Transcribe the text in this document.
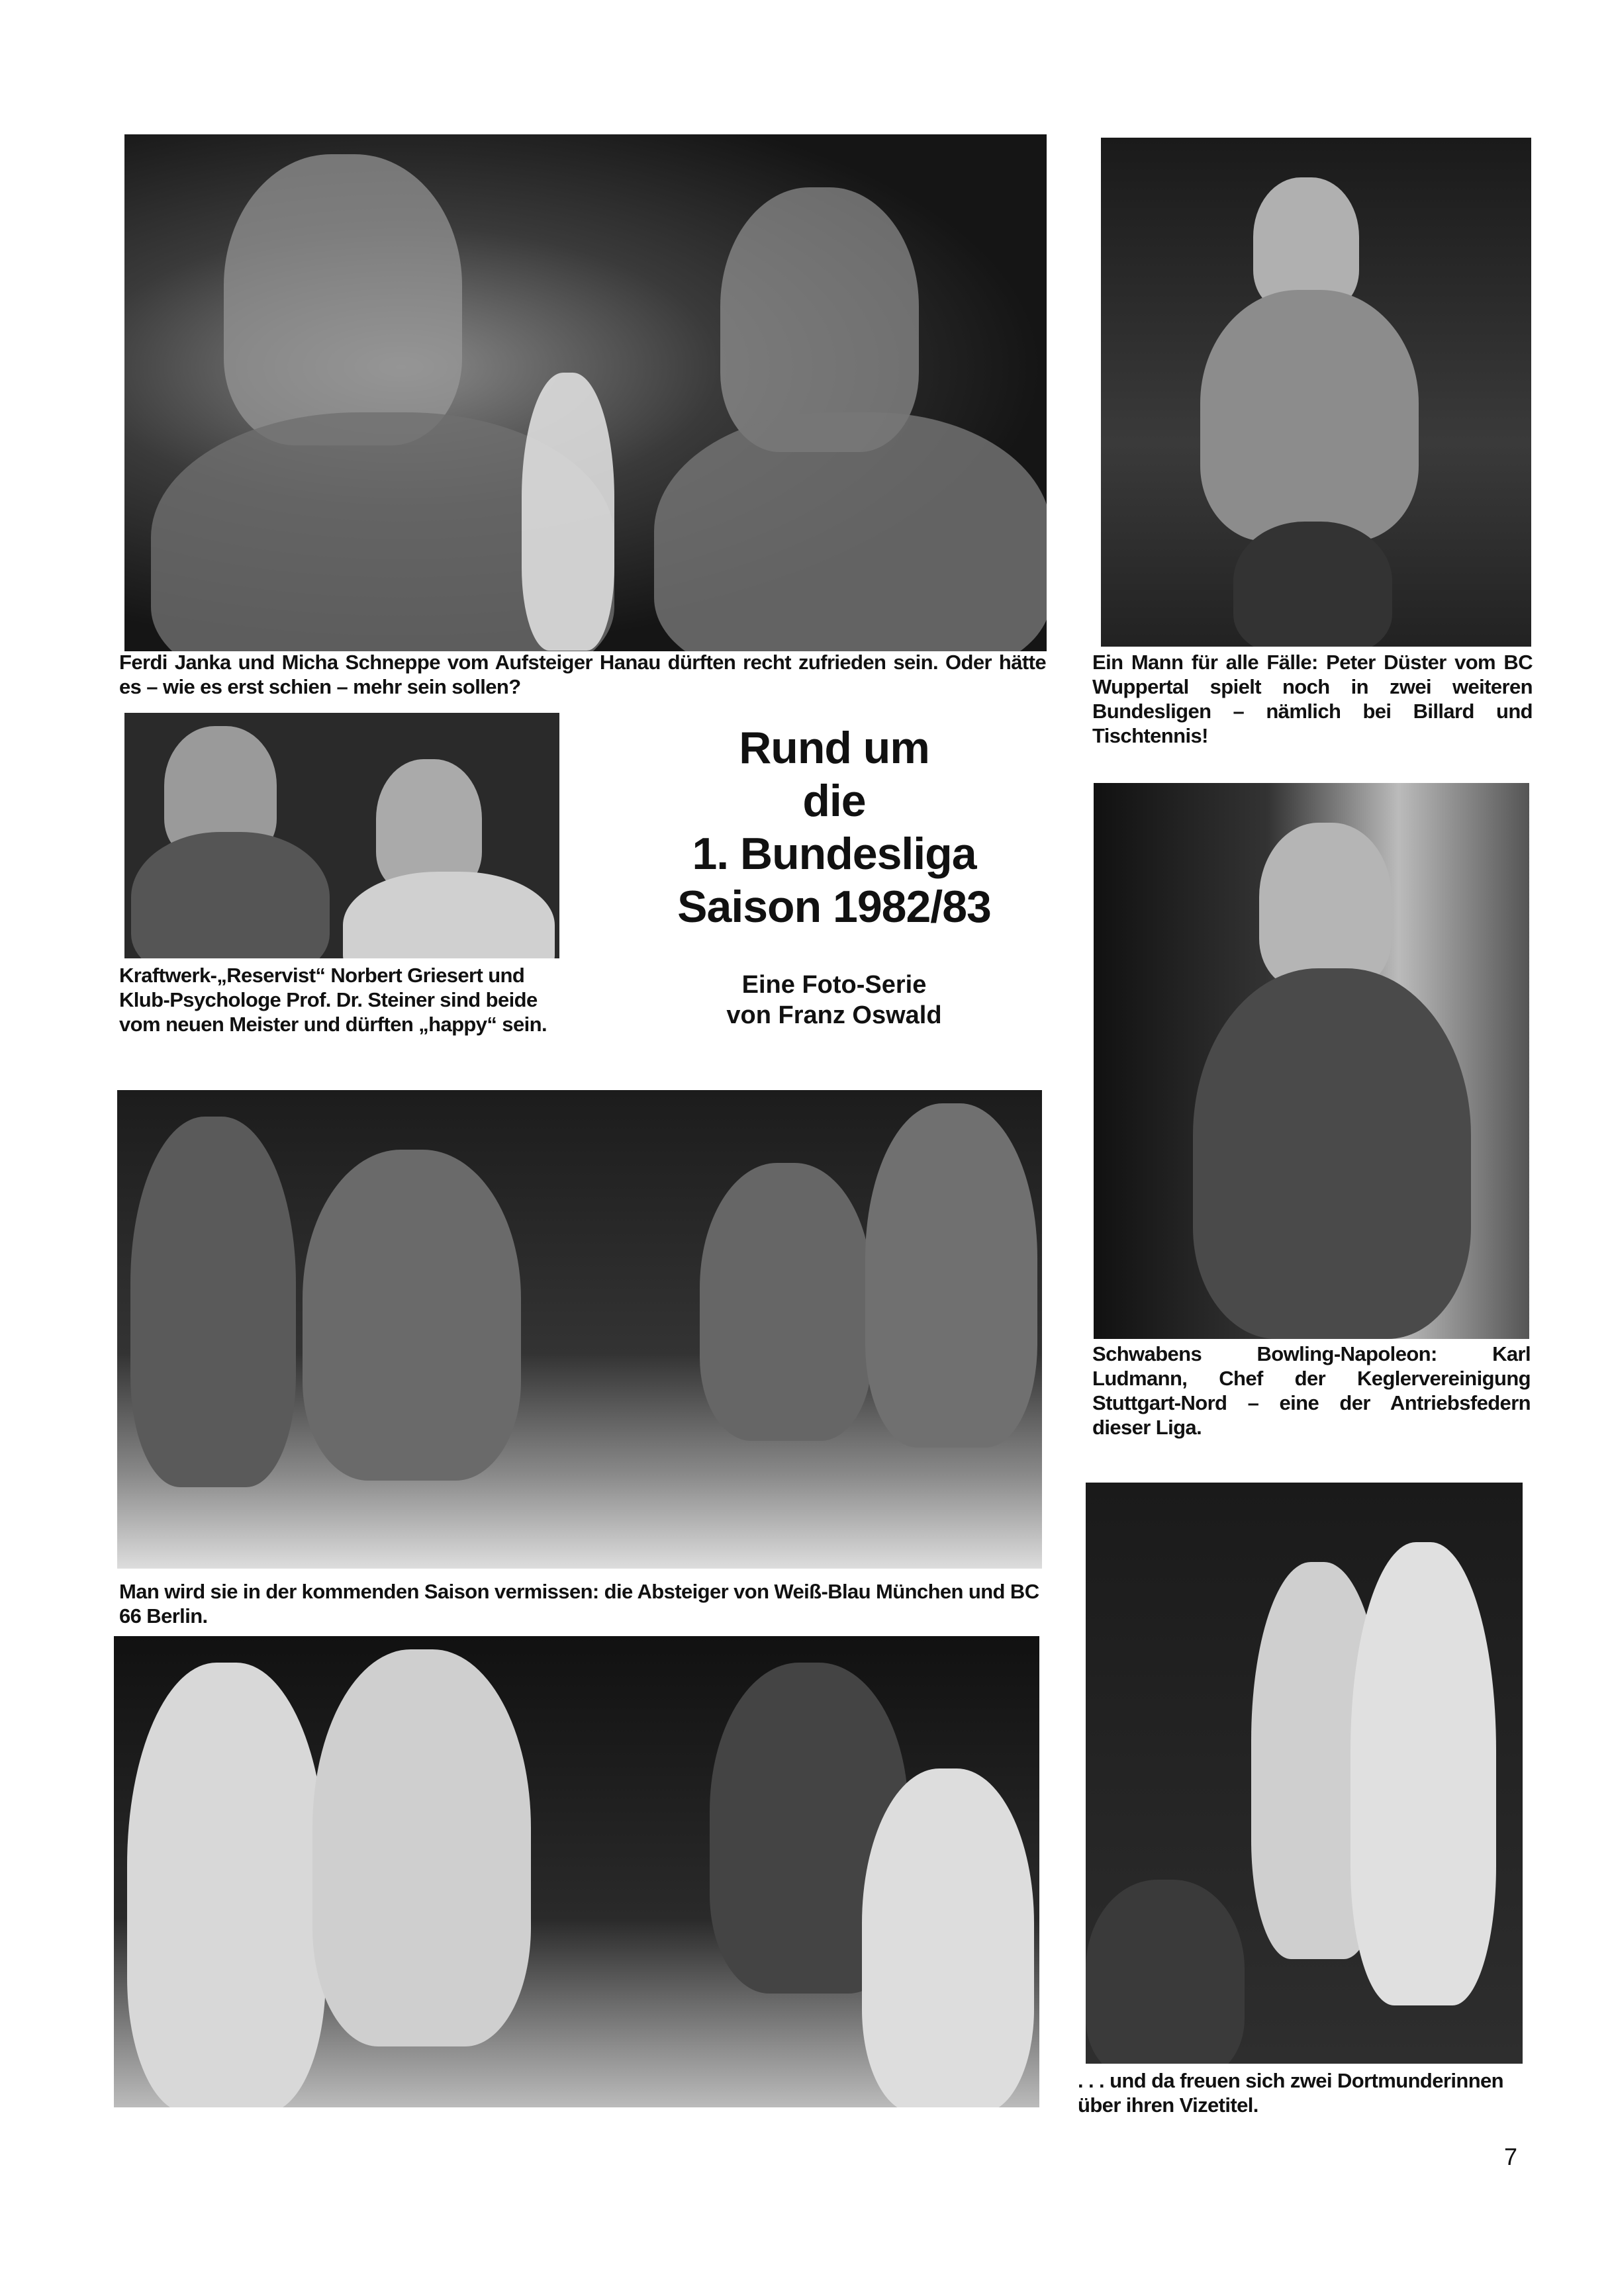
Ferdi Janka und Micha Schneppe vom Aufsteiger Hanau dürften recht zufrieden sein. Oder hätte es – wie es erst schien – mehr sein sollen?
Ein Mann für alle Fälle: Peter Düster vom BC Wuppertal spielt noch in zwei weiteren Bundesligen – nämlich bei Billard und Tischtennis!
Kraftwerk-„Reservist“ Norbert Griesert und Klub-Psychologe Prof. Dr. Steiner sind beide vom neuen Meister und dürften „happy“ sein.
Rund um
die
1. Bundesliga
Saison 1982/83
Eine Foto-Serie
von Franz Oswald
Schwabens Bowling-Napoleon: Karl Ludmann, Chef der Keglervereinigung Stuttgart-Nord – eine der Antriebsfedern dieser Liga.
Man wird sie in der kommenden Saison vermissen: die Absteiger von Weiß-Blau München und BC 66 Berlin.
. . . und da freuen sich zwei Dortmunderinnen über ihren Vizetitel.
7
